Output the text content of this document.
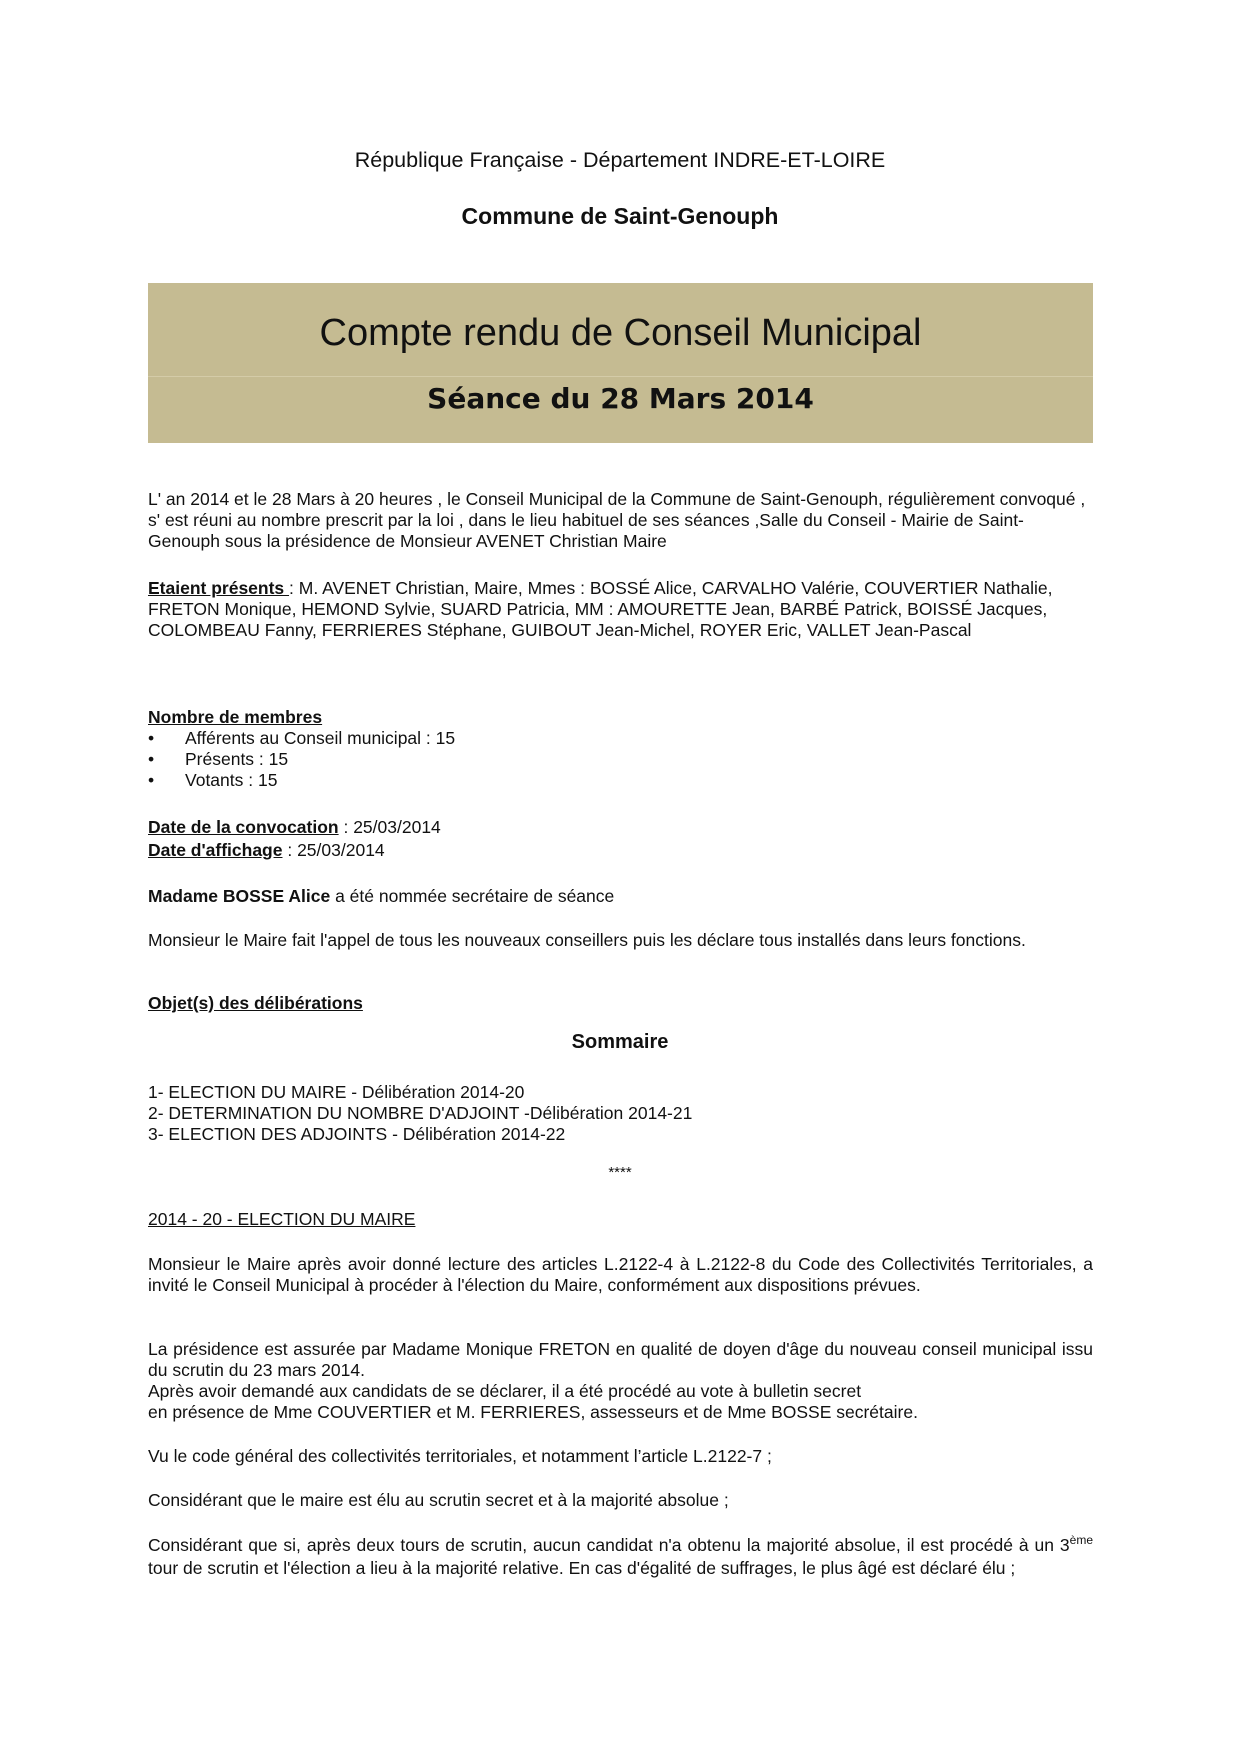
République Française - Département INDRE-ET-LOIRE
Commune de Saint-Genouph
Compte rendu de Conseil Municipal
Séance du 28 Mars 2014
L' an 2014 et le 28 Mars à 20 heures , le Conseil Municipal de la Commune de Saint-Genouph, régulièrement convoqué , s' est réuni au nombre prescrit par la loi , dans le lieu habituel de ses séances ,Salle du Conseil - Mairie de Saint-Genouph sous la présidence de Monsieur AVENET Christian Maire
Etaient présents : M. AVENET Christian, Maire, Mmes : BOSSÉ Alice, CARVALHO Valérie, COUVERTIER Nathalie, FRETON Monique, HEMOND Sylvie, SUARD Patricia, MM : AMOURETTE Jean, BARBÉ Patrick, BOISSÉ Jacques, COLOMBEAU Fanny, FERRIERES Stéphane, GUIBOUT Jean-Michel, ROYER Eric, VALLET Jean-Pascal
Nombre de membres
• Afférents au Conseil municipal : 15
• Présents : 15
• Votants : 15
Date de la convocation : 25/03/2014
Date d'affichage : 25/03/2014
Madame BOSSE Alice a été nommée secrétaire de séance
Monsieur le Maire fait l'appel de tous les nouveaux conseillers puis les déclare tous installés dans leurs fonctions.
Objet(s) des délibérations
Sommaire
1- ELECTION DU MAIRE - Délibération 2014-20
2- DETERMINATION DU NOMBRE D'ADJOINT -Délibération 2014-21
3- ELECTION DES ADJOINTS - Délibération 2014-22
****
2014 - 20 - ELECTION DU MAIRE
Monsieur le Maire après avoir donné lecture des articles L.2122-4 à L.2122-8 du Code des Collectivités Territoriales, a invité le Conseil Municipal à procéder à l'élection du Maire, conformément aux dispositions prévues.
La présidence est assurée par Madame Monique FRETON en qualité de doyen d'âge du nouveau conseil municipal issu du scrutin du 23 mars 2014.
Après avoir demandé aux candidats de se déclarer, il a été procédé au vote à bulletin secret
en présence de Mme COUVERTIER et M. FERRIERES, assesseurs et de Mme BOSSE secrétaire.
Vu le code général des collectivités territoriales, et notamment l’article L.2122-7 ;
Considérant que le maire est élu au scrutin secret et à la majorité absolue ;
Considérant que si, après deux tours de scrutin, aucun candidat n'a obtenu la majorité absolue, il est procédé à un 3ème tour de scrutin et l'élection a lieu à la majorité relative. En cas d'égalité de suffrages, le plus âgé est déclaré élu ;
